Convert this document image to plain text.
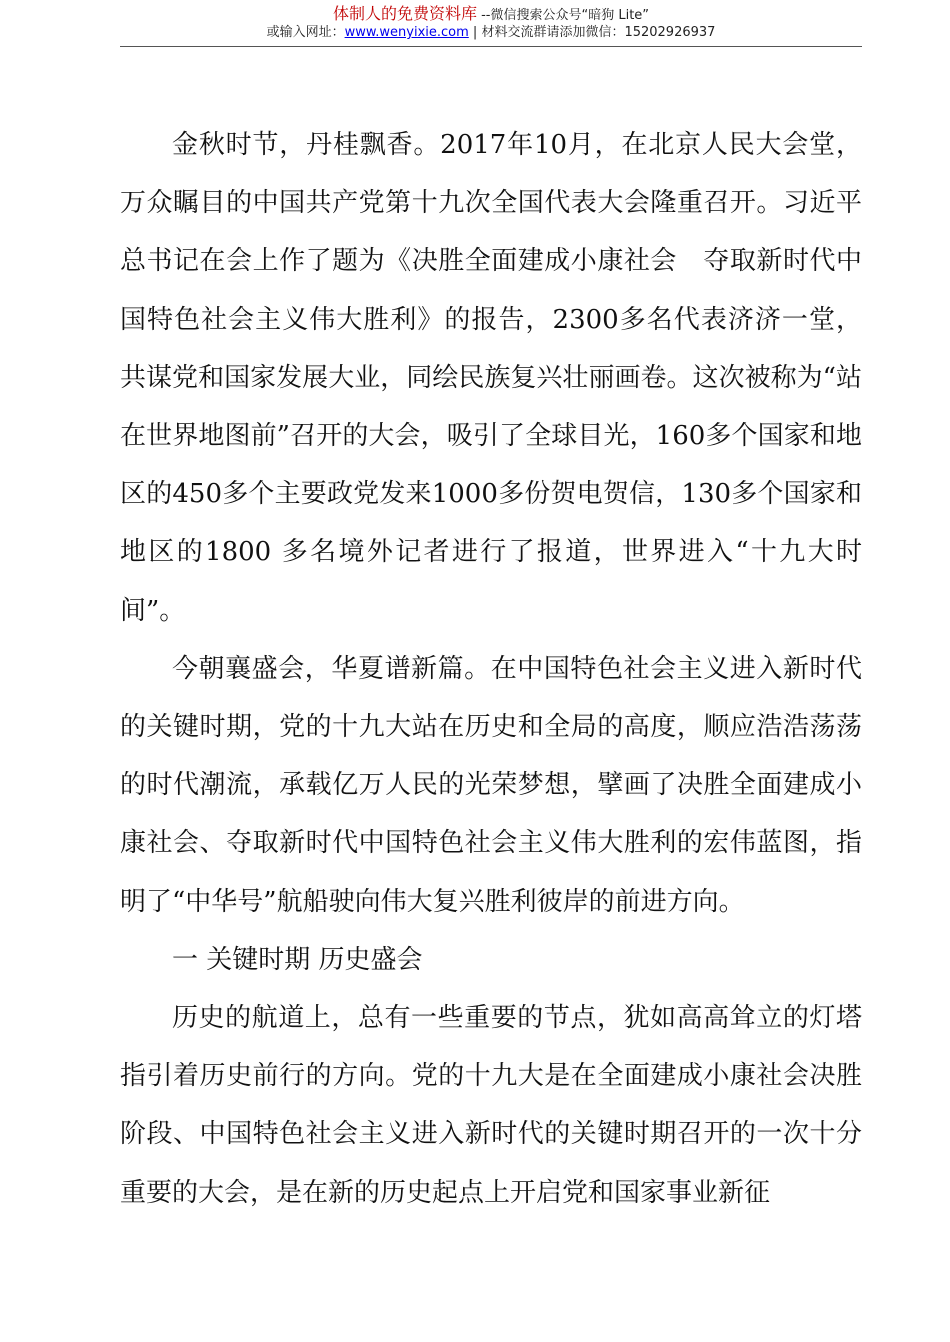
体制人的免费资料库 --微信搜索公众号“暗狗 Lite”
或输入网址：www.wenyixie.com | 材料交流群请添加微信：15202926937

金秋时节，丹桂飘香。2017年10月，在北京人民大会堂，万众瞩目的中国共产党第十九次全国代表大会隆重召开。习近平总书记在会上作了题为《决胜全面建成小康社会　夺取新时代中国特色社会主义伟大胜利》的报告，2300多名代表济济一堂，共谋党和国家发展大业，同绘民族复兴壮丽画卷。这次被称为“站在世界地图前”召开的大会，吸引了全球目光，160多个国家和地区的450多个主要政党发来1000多份贺电贺信，130多个国家和地区的1800 多名境外记者进行了报道，世界进入“十九大时间”。

今朝襄盛会，华夏谱新篇。在中国特色社会主义进入新时代的关键时期，党的十九大站在历史和全局的高度，顺应浩浩荡荡的时代潮流，承载亿万人民的光荣梦想，擘画了决胜全面建成小康社会、夺取新时代中国特色社会主义伟大胜利的宏伟蓝图，指明了“中华号”航船驶向伟大复兴胜利彼岸的前进方向。

一 关键时期 历史盛会

历史的航道上，总有一些重要的节点，犹如高高耸立的灯塔指引着历史前行的方向。党的十九大是在全面建成小康社会决胜阶段、中国特色社会主义进入新时代的关键时期召开的一次十分重要的大会，是在新的历史起点上开启党和国家事业新征
